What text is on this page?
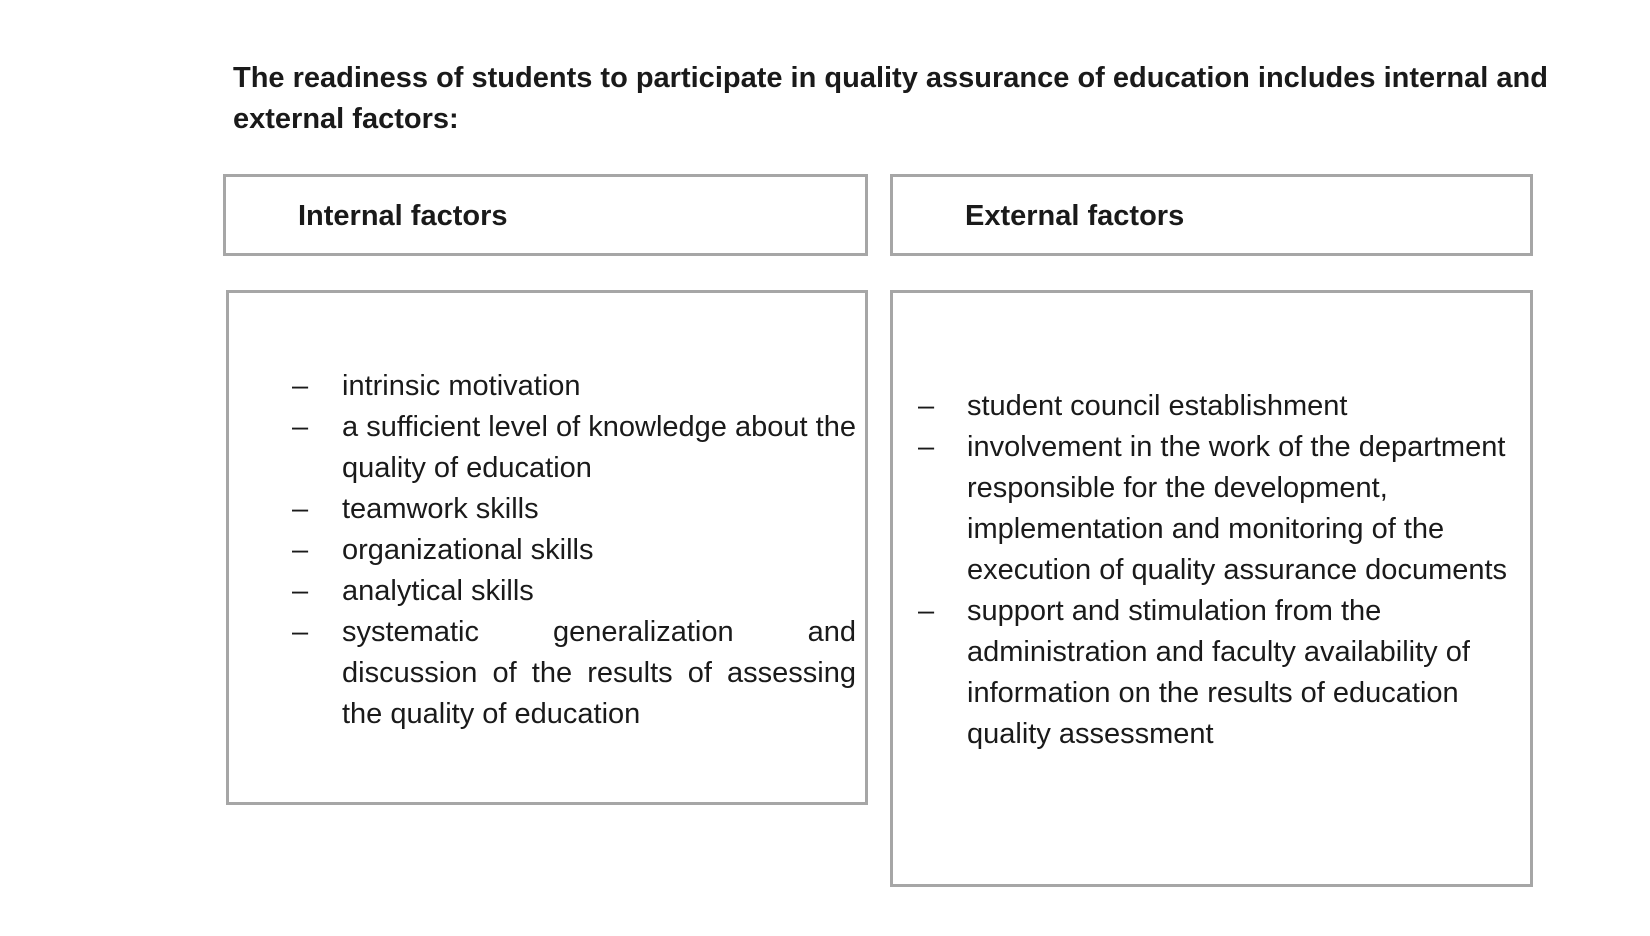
The readiness of students to participate in quality assurance of education includes internal and external factors:
Internal factors	External factors
– intrinsic motivation
– a sufficient level of knowledge about the quality of education
– teamwork skills
– organizational skills
– analytical skills
– systematic generalization and discussion of the results of assessing the quality of education
– student council establishment
– involvement in the work of the department responsible for the development, implementation and monitoring of the execution of quality assurance documents
– support and stimulation from the administration and faculty availability of information on the results of education quality assessment
